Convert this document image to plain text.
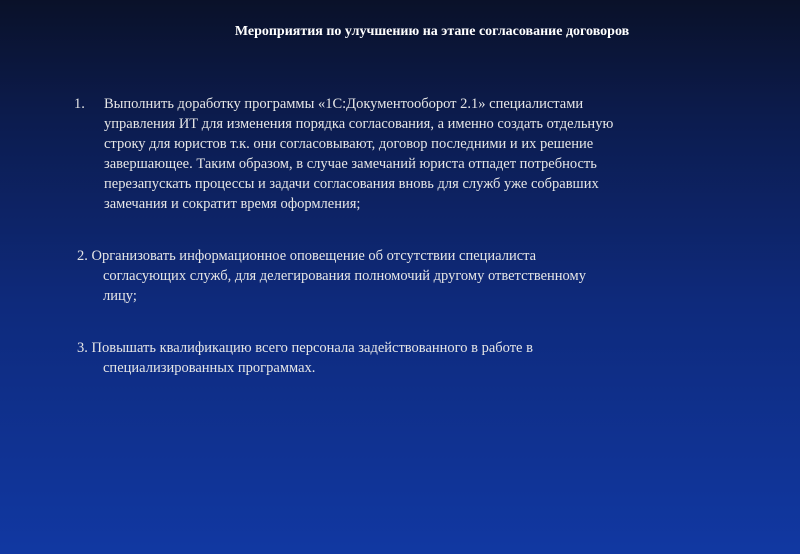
Мероприятия по улучшению на этапе согласование договоров
1. Выполнить доработку программы «1С:Документооборот 2.1» специалистами
управления ИТ для изменения порядка согласования, а именно создать отдельную
строку для юристов т.к. они согласовывают, договор последними и их решение
завершающее. Таким образом, в случае замечаний юриста отпадет потребность
перезапускать процессы и задачи согласования вновь для служб уже собравших
замечания и сократит время оформления;
2. Организовать информационное оповещение об отсутствии специалиста
согласующих служб, для делегирования полномочий другому ответственному
лицу;
3. Повышать квалификацию всего персонала задействованного в работе в
специализированных программах.
